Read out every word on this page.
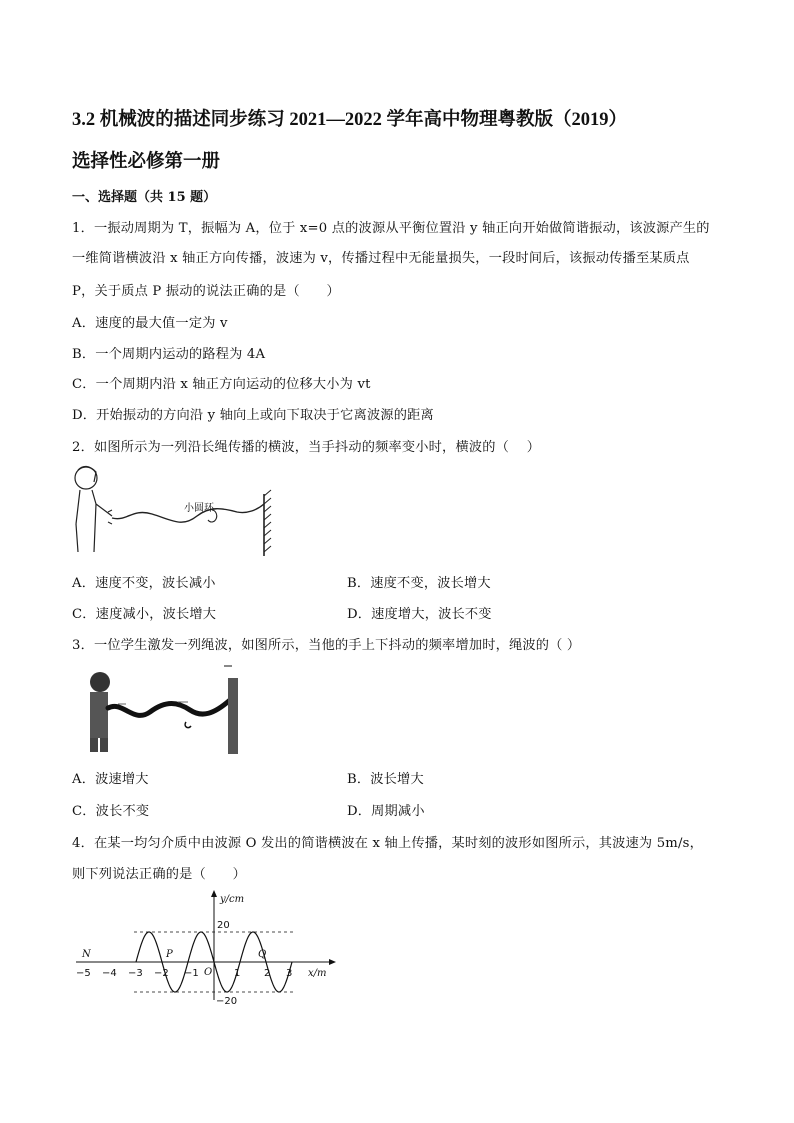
3.2 机械波的描述同步练习 2021—2022 学年高中物理粤教版（2019）
选择性必修第一册
一、选择题（共 15 题）
1．一振动周期为 T，振幅为 A，位于 x=0 点的波源从平衡位置沿 y 轴正向开始做简谐振动，该波源产生的
一维简谐横波沿 x 轴正方向传播，波速为 v，传播过程中无能量损失，一段时间后，该振动传播至某质点
P，关于质点 P 振动的说法正确的是（　　）
A．速度的最大值一定为 v
B．一个周期内运动的路程为 4A
C．一个周期内沿 x 轴正方向运动的位移大小为 vt
D．开始振动的方向沿 y 轴向上或向下取决于它离波源的距离
2．如图所示为一列沿长绳传播的横波，当手抖动的频率变小时，横波的（　 ）
小圆环
A．速度不变，波长减小	B．速度不变，波长增大
C．速度减小，波长增大	D．速度增大，波长不变
3．一位学生激发一列绳波，如图所示，当他的手上下抖动的频率增加时，绳波的（ ）
A．波速增大	B．波长增大
C．波长不变	D．周期减小
4．在某一均匀介质中由波源 O 发出的简谐横波在 x 轴上传播，某时刻的波形如图所示，其波速为 5m/s，
则下列说法正确的是（　　）
y/cm
x/m
20
−20
O
N	P	Q
−5 −4 −3 −2 −1	1 2 3
